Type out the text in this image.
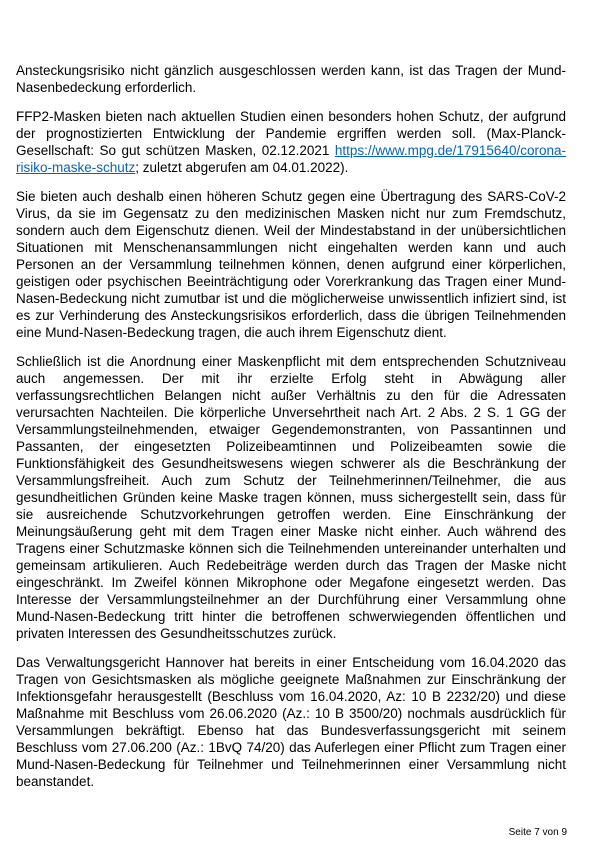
Ansteckungsrisiko nicht gänzlich ausgeschlossen werden kann, ist das Tragen der Mund-Nasenbedeckung erforderlich.

FFP2-Masken bieten nach aktuellen Studien einen besonders hohen Schutz, der aufgrund der prognostizierten Entwicklung der Pandemie ergriffen werden soll. (Max-Planck-Gesellschaft: So gut schützen Masken, 02.12.2021 https://www.mpg.de/17915640/corona-risiko-maske-schutz; zuletzt abgerufen am 04.01.2022).

Sie bieten auch deshalb einen höheren Schutz gegen eine Übertragung des SARS-CoV-2 Virus, da sie im Gegensatz zu den medizinischen Masken nicht nur zum Fremdschutz, sondern auch dem Eigenschutz dienen. Weil der Mindestabstand in der unübersichtlichen Situationen mit Menschenansammlungen nicht eingehalten werden kann und auch Personen an der Versammlung teilnehmen können, denen aufgrund einer körperlichen, geistigen oder psychischen Beeinträchtigung oder Vorerkrankung das Tragen einer Mund-Nasen-Bedeckung nicht zumutbar ist und die möglicherweise unwissentlich infiziert sind, ist es zur Verhinderung des Ansteckungsrisikos erforderlich, dass die übrigen Teilnehmenden eine Mund-Nasen-Bedeckung tragen, die auch ihrem Eigenschutz dient.

Schließlich ist die Anordnung einer Maskenpflicht mit dem entsprechenden Schutzniveau auch angemessen. Der mit ihr erzielte Erfolg steht in Abwägung aller verfassungsrechtlichen Belangen nicht außer Verhältnis zu den für die Adressaten verursachten Nachteilen. Die körperliche Unversehrtheit nach Art. 2 Abs. 2 S. 1 GG der Versammlungsteilnehmenden, etwaiger Gegendemonstranten, von Passantinnen und Passanten, der eingesetzten Polizeibeamtinnen und Polizeibeamten sowie die Funktionsfähigkeit des Gesundheitswesens wiegen schwerer als die Beschränkung der Versammlungsfreiheit. Auch zum Schutz der Teilnehmerinnen/Teilnehmer, die aus gesundheitlichen Gründen keine Maske tragen können, muss sichergestellt sein, dass für sie ausreichende Schutzvorkehrungen getroffen werden. Eine Einschränkung der Meinungsäußerung geht mit dem Tragen einer Maske nicht einher. Auch während des Tragens einer Schutzmaske können sich die Teilnehmenden untereinander unterhalten und gemeinsam artikulieren. Auch Redebeiträge werden durch das Tragen der Maske nicht eingeschränkt. Im Zweifel können Mikrophone oder Megafone eingesetzt werden. Das Interesse der Versammlungsteilnehmer an der Durchführung einer Versammlung ohne Mund-Nasen-Bedeckung tritt hinter die betroffenen schwerwiegenden öffentlichen und privaten Interessen des Gesundheitsschutzes zurück.

Das Verwaltungsgericht Hannover hat bereits in einer Entscheidung vom 16.04.2020 das Tragen von Gesichtsmasken als mögliche geeignete Maßnahmen zur Einschränkung der Infektionsgefahr herausgestellt (Beschluss vom 16.04.2020, Az: 10 B 2232/20) und diese Maßnahme mit Beschluss vom 26.06.2020 (Az.: 10 B 3500/20) nochmals ausdrücklich für Versammlungen bekräftigt. Ebenso hat das Bundesverfassungsgericht mit seinem Beschluss vom 27.06.200 (Az.: 1BvQ 74/20) das Auferlegen einer Pflicht zum Tragen einer Mund-Nasen-Bedeckung für Teilnehmer und Teilnehmerinnen einer Versammlung nicht beanstandet.

Seite 7 von 9
